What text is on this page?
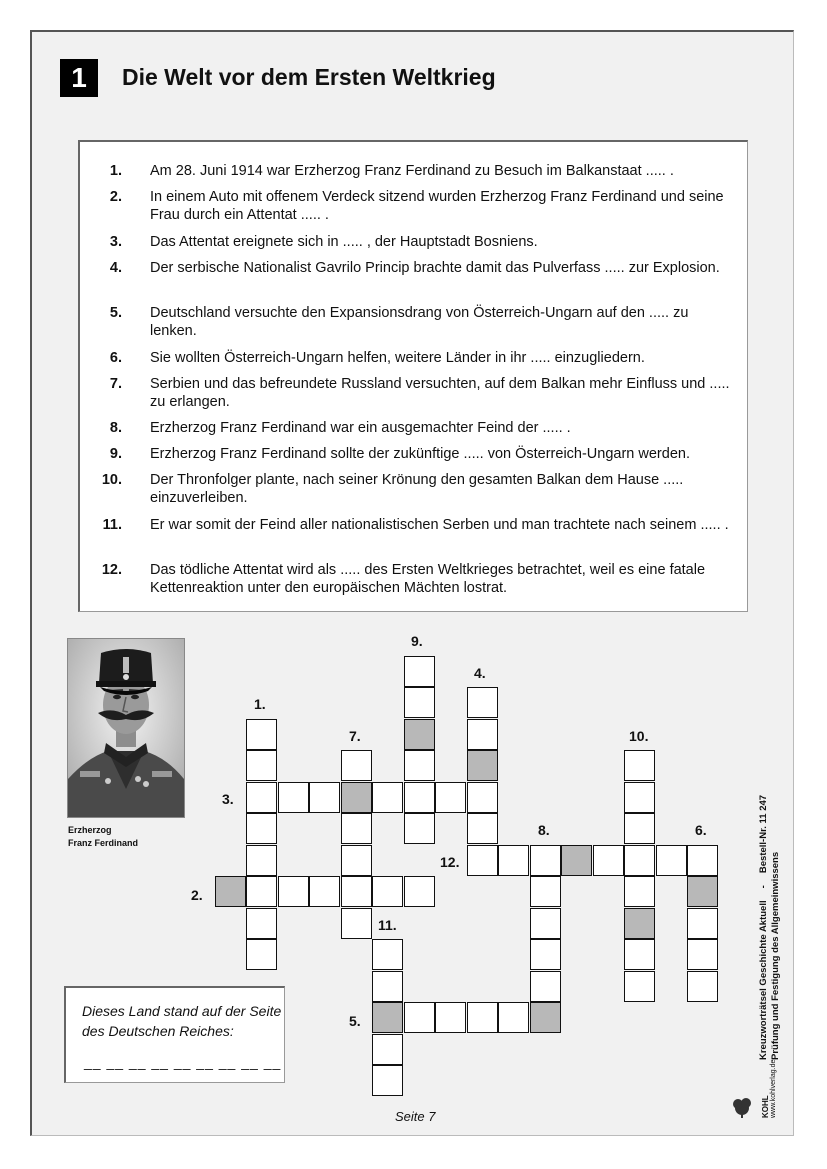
1	Die Welt vor dem Ersten Weltkrieg
1. Am 28. Juni 1914 war Erzherzog Franz Ferdinand zu Besuch im Balkanstaat ..... .
2. In einem Auto mit offenem Verdeck sitzend wurden Erzherzog Franz Ferdinand und seine Frau durch ein Attentat ..... .
3. Das Attentat ereignete sich in ..... , der Hauptstadt Bosniens.
4. Der serbische Nationalist Gavrilo Princip brachte damit das Pulverfass ..... zur Explosion.
5. Deutschland versuchte den Expansionsdrang von Österreich-Ungarn auf den ..... zu lenken.
6. Sie wollten Österreich-Ungarn helfen, weitere Länder in ihr ..... einzugliedern.
7. Serbien und das befreundete Russland versuchten, auf dem Balkan mehr Einfluss und ..... zu erlangen.
8. Erzherzog Franz Ferdinand war ein ausgemachter Feind der ..... .
9. Erzherzog Franz Ferdinand sollte der zukünftige ..... von Österreich-Ungarn werden.
10. Der Thronfolger plante, nach seiner Krönung den gesamten Balkan dem Hause ..... einzuverleiben.
11. Er war somit der Feind aller nationalistischen Serben und man trachtete nach seinem ..... .
12. Das tödliche Attentat wird als ..... des Ersten Weltkrieges betrachtet, weil es eine fatale Kettenreaktion unter den europäischen Mächten lostrat.
Erzherzog
Franz Ferdinand
1.
2.
3.
4.
5.
6.
7.
8.
9.
10.
11.
12.
Dieses Land stand auf der Seite des Deutschen Reiches:
__ __ __ __ __ __ __ __ __
Seite 7
Kreuzworträtsel Geschichte Aktuell - Bestell-Nr. 11 247
Prüfung und Festigung des Allgemeinwissens
KOHL www.kohlverlag.de
